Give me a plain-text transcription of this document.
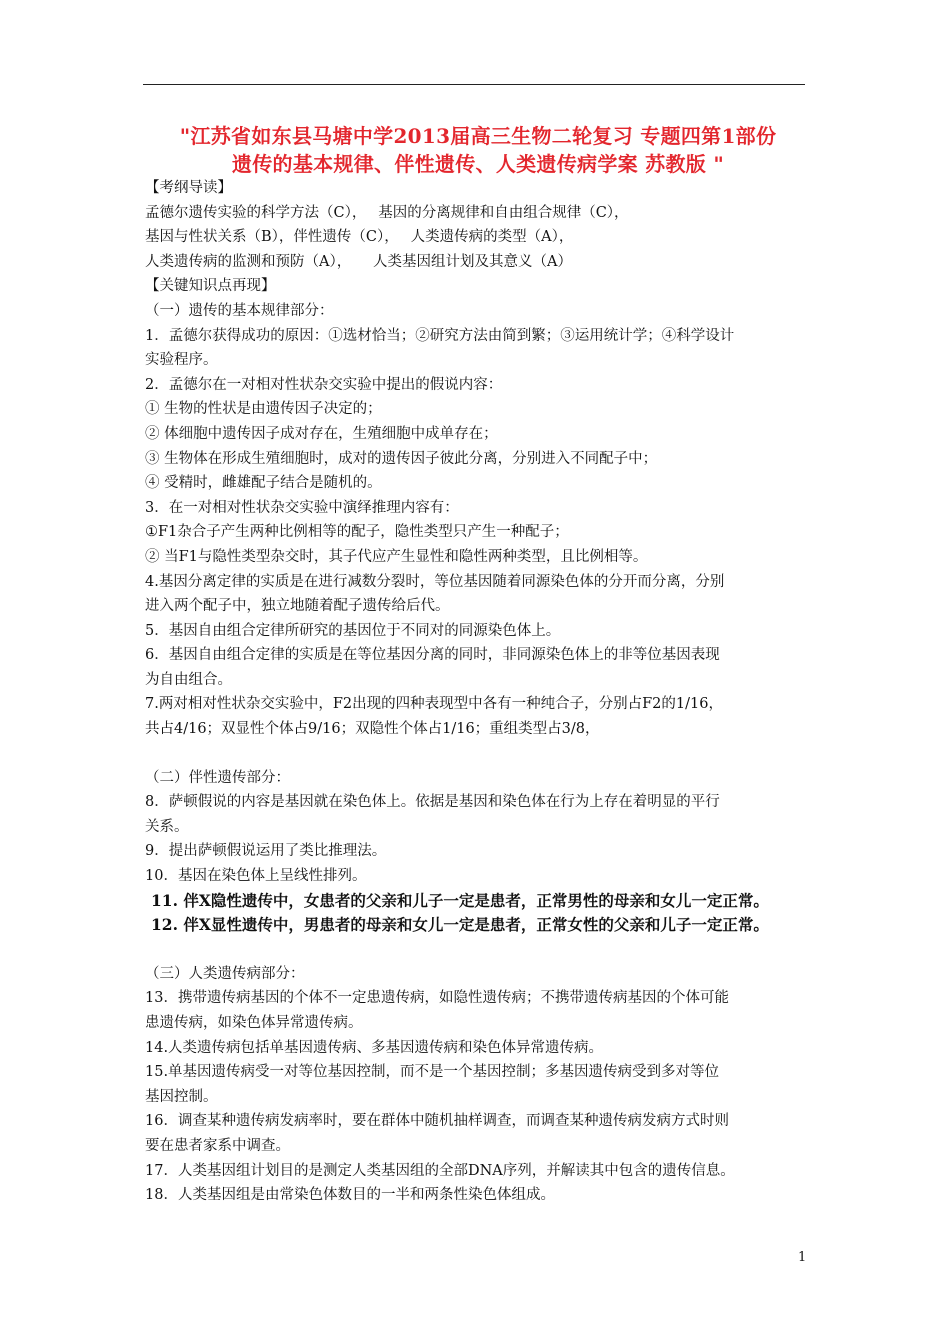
"江苏省如东县马塘中学2013届高三生物二轮复习 专题四第1部份
遗传的基本规律、伴性遗传、人类遗传病学案 苏教版 "
【考纲导读】
孟德尔遗传实验的科学方法（C），　 基因的分离规律和自由组合规律（C），
基因与性状关系（B），伴性遗传（C），　 人类遗传病的类型（A），
人类遗传病的监测和预防（A），　　人类基因组计划及其意义（A）
【关键知识点再现】
（一）遗传的基本规律部分：
1．孟德尔获得成功的原因：①选材恰当；②研究方法由简到繁；③运用统计学；④科学设计
实验程序。
2．孟德尔在一对相对性状杂交实验中提出的假说内容：
① 生物的性状是由遗传因子决定的；
② 体细胞中遗传因子成对存在，生殖细胞中成单存在；
③ 生物体在形成生殖细胞时，成对的遗传因子彼此分离，分别进入不同配子中；
④ 受精时，雌雄配子结合是随机的。
3．在一对相对性状杂交实验中演绎推理内容有：
①F1杂合子产生两种比例相等的配子，隐性类型只产生一种配子；
② 当F1与隐性类型杂交时，其子代应产生显性和隐性两种类型，且比例相等。
4.基因分离定律的实质是在进行减数分裂时，等位基因随着同源染色体的分开而分离，分别
进入两个配子中，独立地随着配子遗传给后代。
5．基因自由组合定律所研究的基因位于不同对的同源染色体上。
6．基因自由组合定律的实质是在等位基因分离的同时，非同源染色体上的非等位基因表现
为自由组合。
7.两对相对性状杂交实验中，F2出现的四种表现型中各有一种纯合子，分别占F2的1/16，
共占4/16；双显性个体占9/16；双隐性个体占1/16；重组类型占3/8，
（二）伴性遗传部分：
8．萨顿假说的内容是基因就在染色体上。依据是基因和染色体在行为上存在着明显的平行
关系。
9．提出萨顿假说运用了类比推理法。
10．基因在染色体上呈线性排列。
11. 伴X隐性遗传中，女患者的父亲和儿子一定是患者，正常男性的母亲和女儿一定正常。
12. 伴X显性遗传中，男患者的母亲和女儿一定是患者，正常女性的父亲和儿子一定正常。
（三）人类遗传病部分：
13．携带遗传病基因的个体不一定患遗传病，如隐性遗传病；不携带遗传病基因的个体可能
患遗传病，如染色体异常遗传病。
14.人类遗传病包括单基因遗传病、多基因遗传病和染色体异常遗传病。
15.单基因遗传病受一对等位基因控制，而不是一个基因控制；多基因遗传病受到多对等位
基因控制。
16．调查某种遗传病发病率时，要在群体中随机抽样调查，而调查某种遗传病发病方式时则
要在患者家系中调查。
17．人类基因组计划目的是测定人类基因组的全部DNA序列，并解读其中包含的遗传信息。
18．人类基因组是由常染色体数目的一半和两条性染色体组成。
1
